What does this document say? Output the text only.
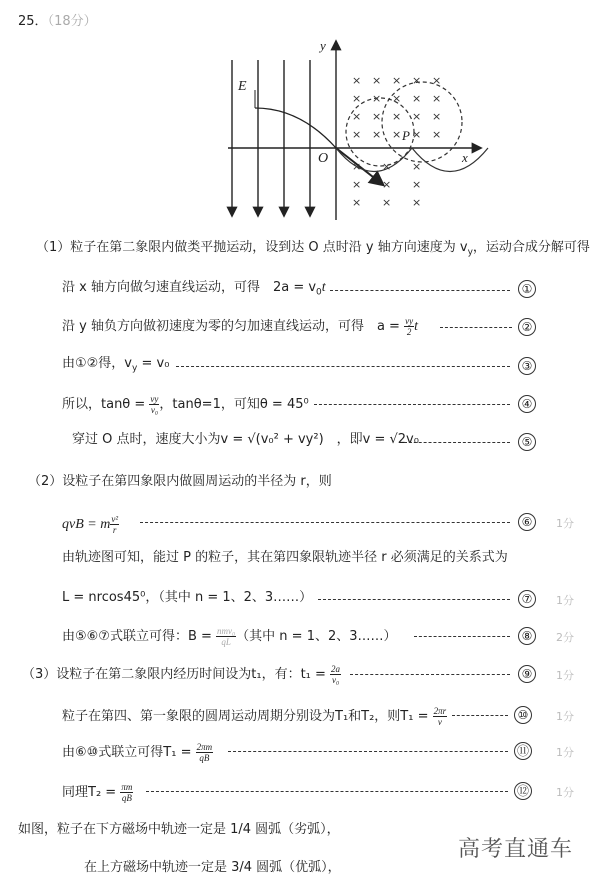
25．（18分）
× × × × ×
× × × × ×
× × × × ×
× × × × ×
× × ×
× × ×
× × ×
E
O
y
x
P
（1）粒子在第二象限内做类平抛运动，设到达 O 点时沿 y 轴方向速度为 $v_y$，运动合成分解可得
沿 x 轴方向做匀速直线运动，可得　$2a = v_0t$	①
沿 y 轴负方向做初速度为零的匀加速直线运动，可得　$a = \frac{vy}{2}$ t	②
由①②得，$v_y = v_0$	③
所以，$\tan\theta = \frac{vy}{\text{v₀}}$ ，tanθ=1，可知θ = 45⁰	④
穿过 O 点时，速度大小为v = √(v₀² + vy²)　，即v = √2v₀	⑤
（2）设粒子在第四象限内做圆周运动的半径为 r，则
qvB = m $\frac{\text{v²}}{r}$	⑥	1分
由轨迹图可知，能过 P 的粒子，其在第四象限轨迹半径 r 必须满足的关系式为
L = nrcos45⁰，（其中 n = 1、2、3……）	⑦	1分
由⑤⑥⑦式联立可得：$B = \frac{\text{nmv₀}}{qL}$ （其中 n = 1、2、3……）	⑧	2分
（3）设粒子在第二象限内经历时间设为t₁，有：$t_1 = \frac{2a}{\text{v₀}}$	⑨	1分
粒子在第四、第一象限的圆周运动周期分别设为T₁和T₂，则$T_1 = \frac{2\pi r}{v}$	⑩	1分
由⑥⑩式联立可得$T_1 = \frac{2\pi m}{qB}$	⑪ 1分
同理$T_2 = \frac{\pi m}{qB}$	⑫ 1分
如图，粒子在下方磁场中轨迹一定是 1/4 圆弧（劣弧），
在上方磁场中轨迹一定是 3/4 圆弧（优弧），
高考直通车
